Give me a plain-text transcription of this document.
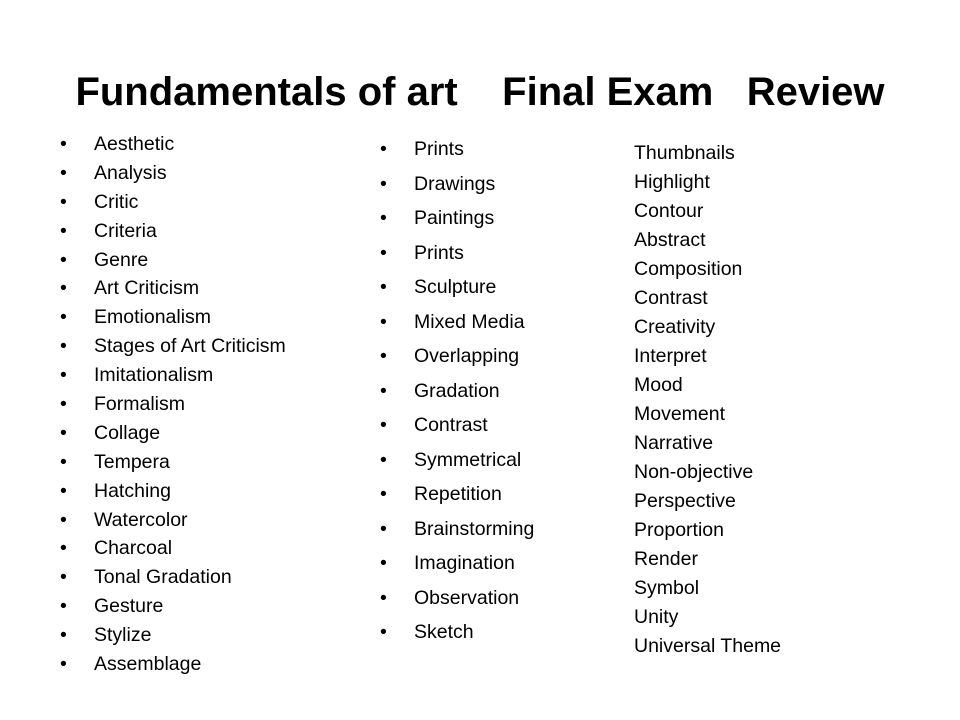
Fundamentals of art    Final Exam   Review
• Aesthetic
• Analysis
• Critic
• Criteria
• Genre
• Art Criticism
• Emotionalism
• Stages of Art Criticism
• Imitationalism
• Formalism
• Collage
• Tempera
• Hatching
• Watercolor
• Charcoal
• Tonal Gradation
• Gesture
• Stylize
• Assemblage
• Prints
• Drawings
• Paintings
• Prints
• Sculpture
• Mixed Media
• Overlapping
• Gradation
• Contrast
• Symmetrical
• Repetition
• Brainstorming
• Imagination
• Observation
• Sketch
Thumbnails
Highlight
Contour
Abstract
Composition
Contrast
Creativity
Interpret
Mood
Movement
Narrative
Non-objective
Perspective
Proportion
Render
Symbol
Unity
Universal Theme
